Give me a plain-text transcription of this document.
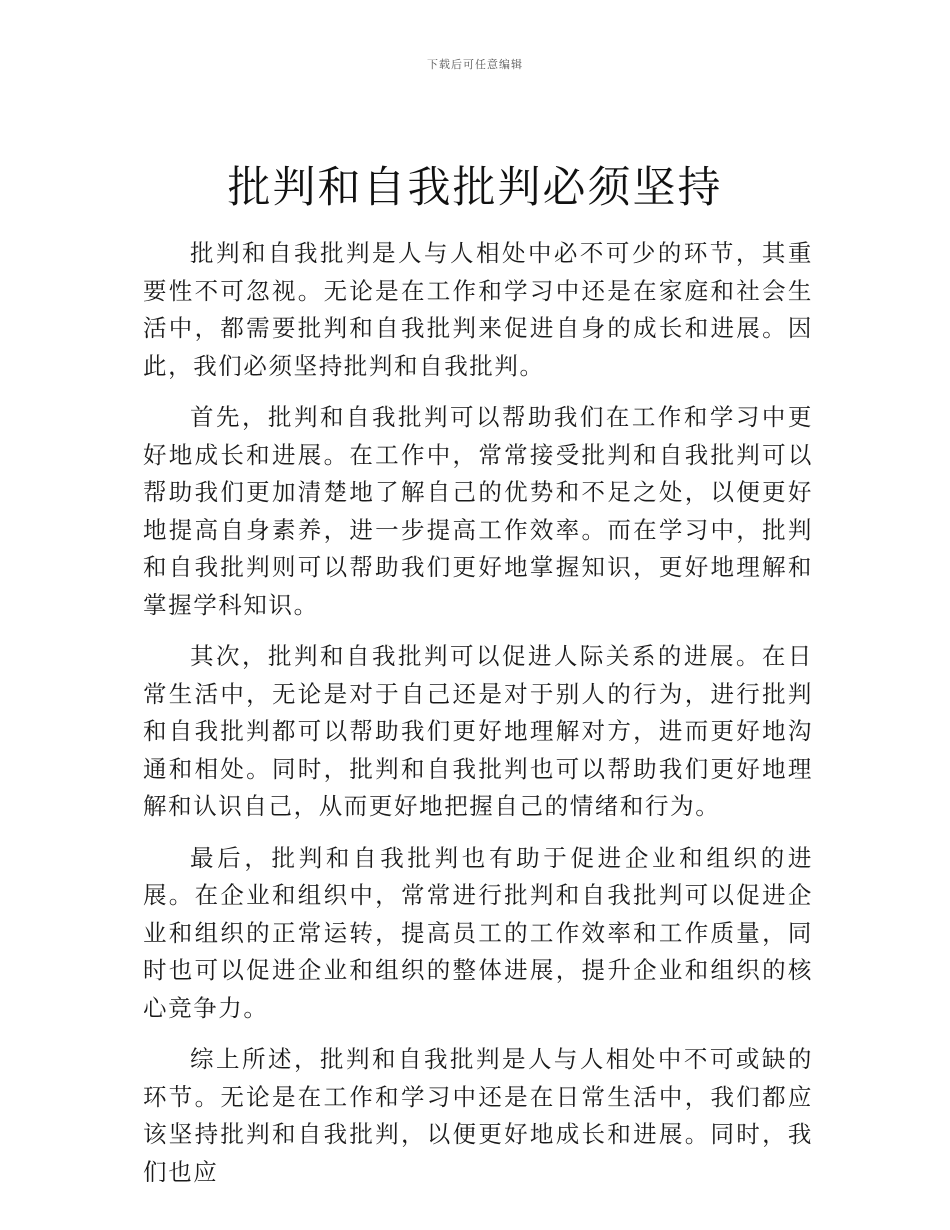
下载后可任意编辑
批判和自我批判必须坚持

批判和自我批判是人与人相处中必不可少的环节，其重要性不可忽视。无论是在工作和学习中还是在家庭和社会生活中，都需要批判和自我批判来促进自身的成长和进展。因此，我们必须坚持批判和自我批判。

首先，批判和自我批判可以帮助我们在工作和学习中更好地成长和进展。在工作中，常常接受批判和自我批判可以帮助我们更加清楚地了解自己的优势和不足之处，以便更好地提高自身素养，进一步提高工作效率。而在学习中，批判和自我批判则可以帮助我们更好地掌握知识，更好地理解和掌握学科知识。

其次，批判和自我批判可以促进人际关系的进展。在日常生活中，无论是对于自己还是对于别人的行为，进行批判和自我批判都可以帮助我们更好地理解对方，进而更好地沟通和相处。同时，批判和自我批判也可以帮助我们更好地理解和认识自己，从而更好地把握自己的情绪和行为。

最后，批判和自我批判也有助于促进企业和组织的进展。在企业和组织中，常常进行批判和自我批判可以促进企业和组织的正常运转，提高员工的工作效率和工作质量，同时也可以促进企业和组织的整体进展，提升企业和组织的核心竞争力。

综上所述，批判和自我批判是人与人相处中不可或缺的环节。无论是在工作和学习中还是在日常生活中，我们都应该坚持批判和自我批判，以便更好地成长和进展。同时，我们也应
